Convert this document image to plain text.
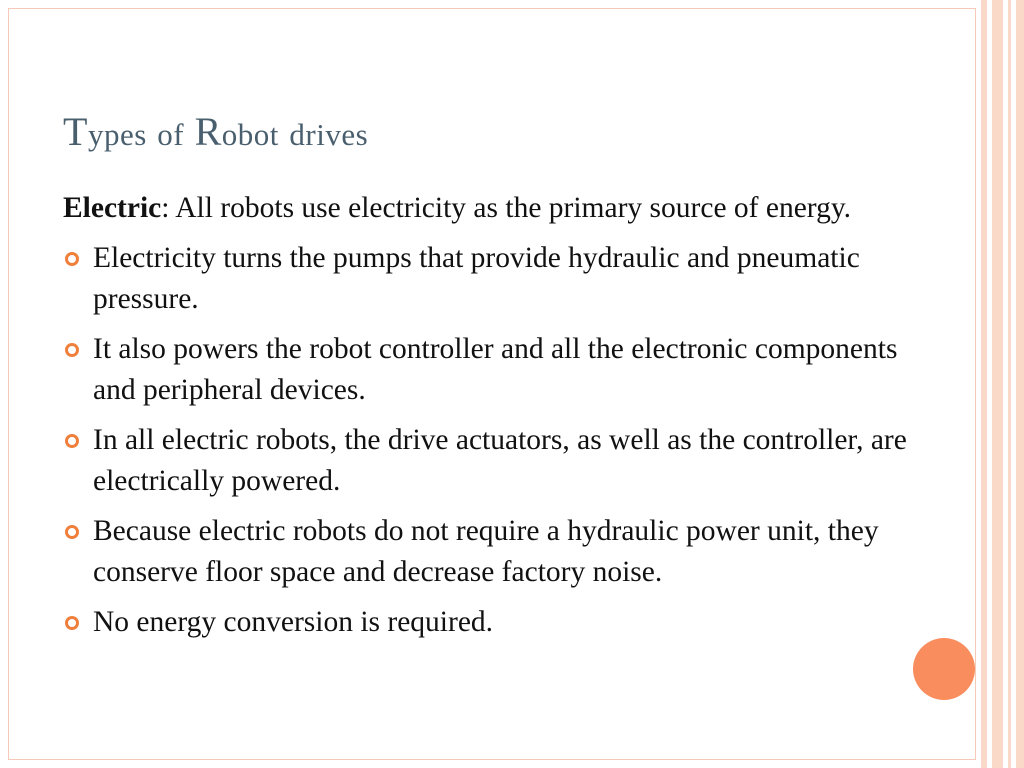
Types of Robot drives

Electric: All robots use electricity as the primary source of energy.

Electricity turns the pumps that provide hydraulic and pneumatic pressure.

It also powers the robot controller and all the electronic components and peripheral devices.

In all electric robots, the drive actuators, as well as the controller, are electrically powered.

Because electric robots do not require a hydraulic power unit, they conserve floor space and decrease factory noise.

No energy conversion is required.
